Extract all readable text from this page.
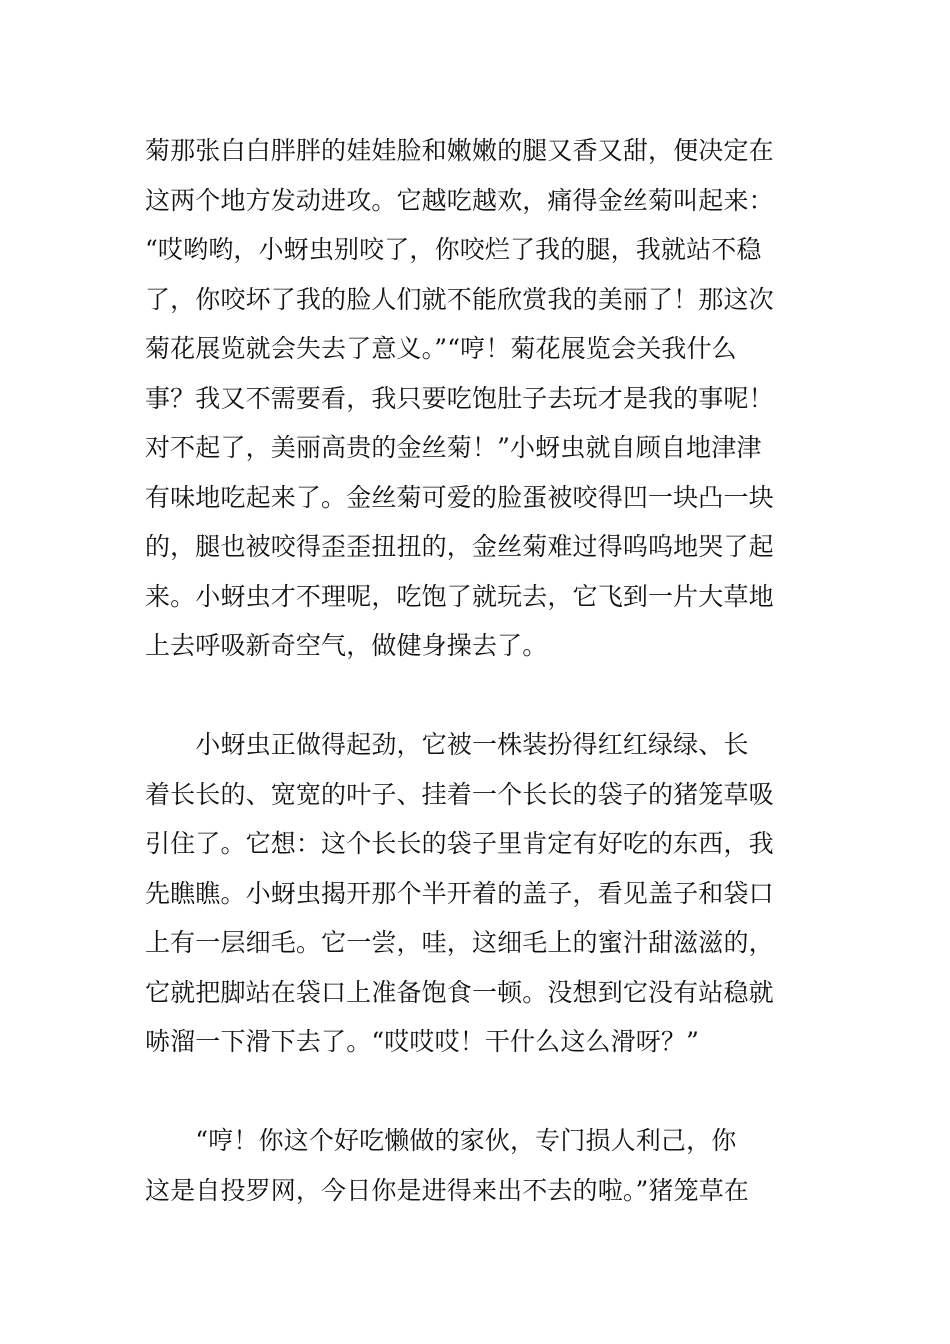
菊那张白白胖胖的娃娃脸和嫩嫩的腿又香又甜，便决定在
这两个地方发动进攻。它越吃越欢，痛得金丝菊叫起来：
“哎哟哟，小蚜虫别咬了，你咬烂了我的腿，我就站不稳
了，你咬坏了我的脸人们就不能欣赏我的美丽了！那这次
菊花展览就会失去了意义。”“哼！菊花展览会关我什么
事？我又不需要看，我只要吃饱肚子去玩才是我的事呢！
对不起了，美丽高贵的金丝菊！”小蚜虫就自顾自地津津
有味地吃起来了。金丝菊可爱的脸蛋被咬得凹一块凸一块
的，腿也被咬得歪歪扭扭的，金丝菊难过得呜呜地哭了起
来。小蚜虫才不理呢，吃饱了就玩去，它飞到一片大草地
上去呼吸新奇空气，做健身操去了。
　　小蚜虫正做得起劲，它被一株装扮得红红绿绿、长
着长长的、宽宽的叶子、挂着一个长长的袋子的猪笼草吸
引住了。它想：这个长长的袋子里肯定有好吃的东西，我
先瞧瞧。小蚜虫揭开那个半开着的盖子，看见盖子和袋口
上有一层细毛。它一尝，哇，这细毛上的蜜汁甜滋滋的，
它就把脚站在袋口上准备饱食一顿。没想到它没有站稳就
哧溜一下滑下去了。“哎哎哎！干什么这么滑呀？”
　　“哼！你这个好吃懒做的家伙，专门损人利己，你
这是自投罗网，今日你是进得来出不去的啦。”猪笼草在
